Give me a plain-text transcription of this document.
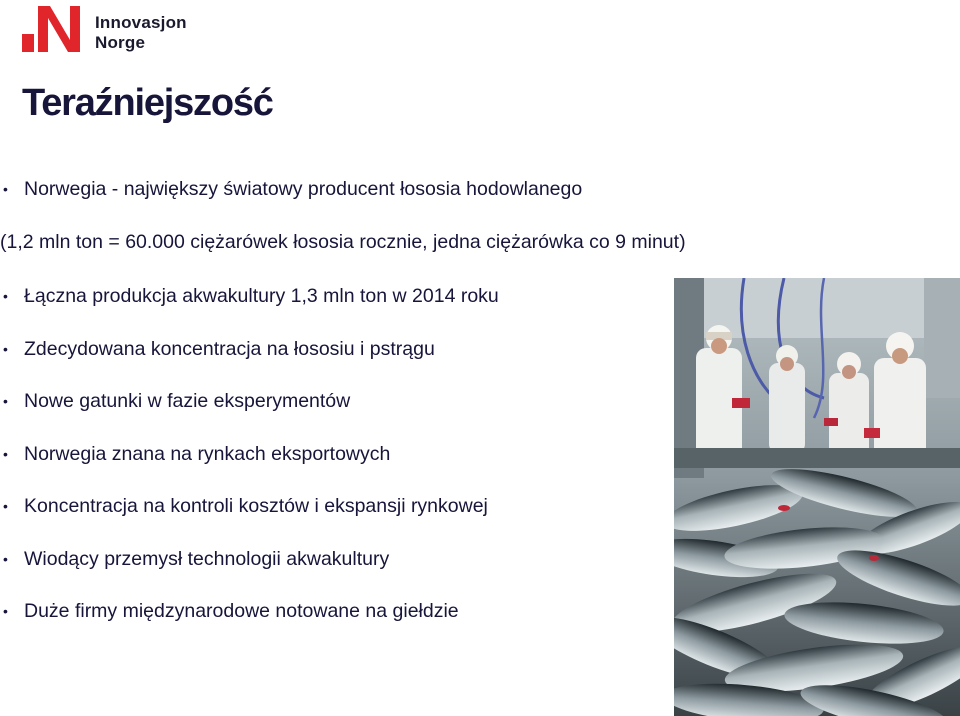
Innovasjon
Norge
Teraźniejszość
• Norwegia - największy światowy producent łososia hodowlanego
(1,2 mln ton = 60.000 ciężarówek łososia rocznie, jedna ciężarówka co 9 minut)
• Łączna produkcja akwakultury 1,3 mln ton w 2014 roku
• Zdecydowana koncentracja na łososiu i pstrągu
• Nowe gatunki w fazie eksperymentów
• Norwegia znana na rynkach eksportowych
• Koncentracja na kontroli kosztów i ekspansji rynkowej
• Wiodący przemysł technologii akwakultury
• Duże firmy międzynarodowe notowane na giełdzie
